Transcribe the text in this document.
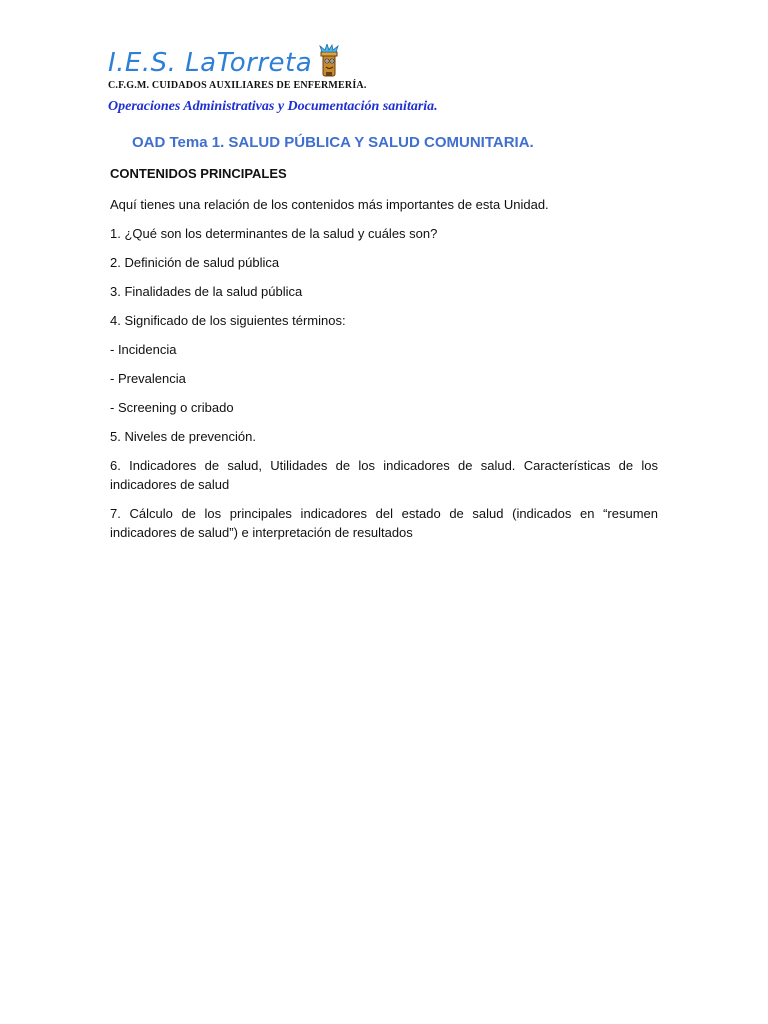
I.E.S. LaTorreta
C.F.G.M. CUIDADOS AUXILIARES DE ENFERMERÍA.
Operaciones Administrativas y Documentación sanitaria.
OAD Tema 1. SALUD PÚBLICA Y SALUD COMUNITARIA.
CONTENIDOS PRINCIPALES
Aquí tienes una relación de los contenidos más importantes de esta Unidad.
1. ¿Qué son los determinantes de la salud y cuáles son?
2. Definición de salud pública
3. Finalidades de la salud pública
4. Significado de los siguientes términos:
- Incidencia
- Prevalencia
- Screening o cribado
5. Niveles de prevención.
6. Indicadores de salud, Utilidades de los indicadores de salud. Características de los indicadores de salud
7. Cálculo de los principales indicadores del estado de salud (indicados en “resumen indicadores de salud”) e interpretación de resultados
